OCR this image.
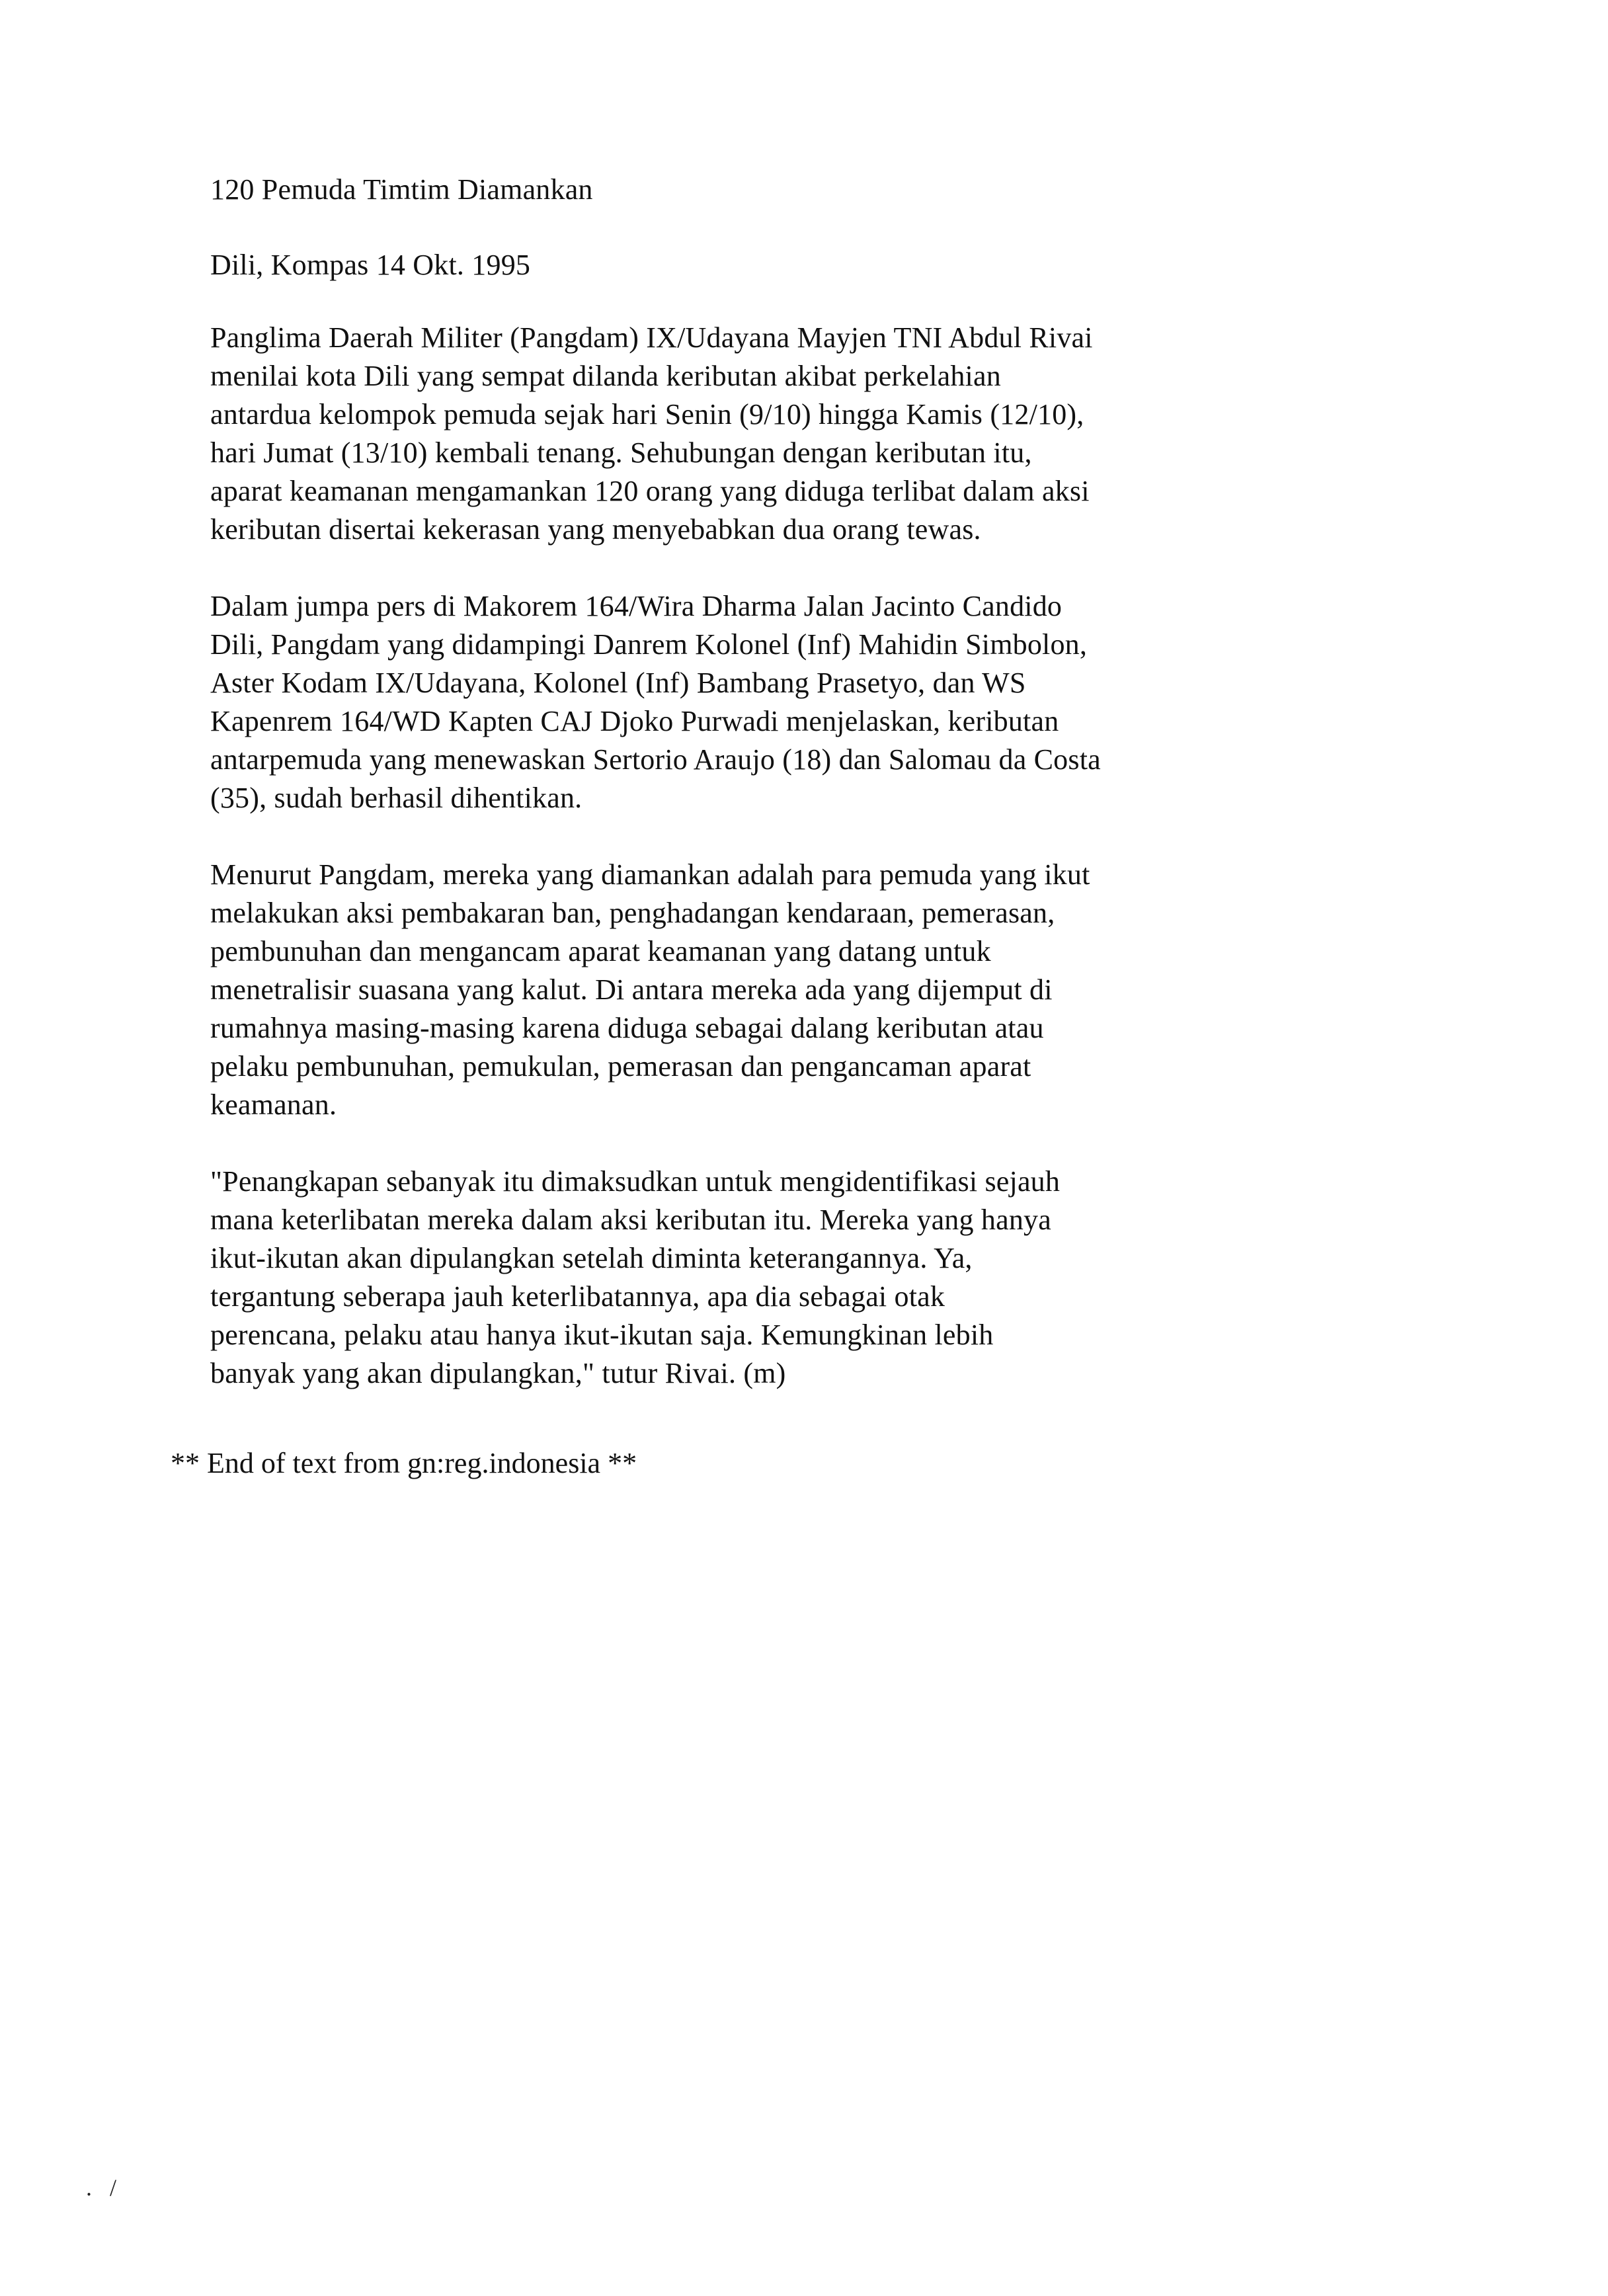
120 Pemuda Timtim Diamankan
Dili, Kompas 14 Okt. 1995
Panglima Daerah Militer (Pangdam) IX/Udayana Mayjen TNI Abdul Rivai
menilai kota Dili yang sempat dilanda keributan akibat perkelahian
antardua kelompok pemuda sejak hari Senin (9/10) hingga Kamis (12/10),
hari Jumat (13/10) kembali tenang. Sehubungan dengan keributan itu,
aparat keamanan mengamankan 120 orang yang diduga terlibat dalam aksi
keributan disertai kekerasan yang menyebabkan dua orang tewas.
Dalam jumpa pers di Makorem 164/Wira Dharma Jalan Jacinto Candido
Dili, Pangdam yang didampingi Danrem Kolonel (Inf) Mahidin Simbolon,
Aster Kodam IX/Udayana, Kolonel (Inf) Bambang Prasetyo, dan WS
Kapenrem 164/WD Kapten CAJ Djoko Purwadi menjelaskan, keributan
antarpemuda yang menewaskan Sertorio Araujo (18) dan Salomau da Costa
(35), sudah berhasil dihentikan.
Menurut Pangdam, mereka yang diamankan adalah para pemuda yang ikut
melakukan aksi pembakaran ban, penghadangan kendaraan, pemerasan,
pembunuhan dan mengancam aparat keamanan yang datang untuk
menetralisir suasana yang kalut. Di antara mereka ada yang dijemput di
rumahnya masing-masing karena diduga sebagai dalang keributan atau
pelaku pembunuhan, pemukulan, pemerasan dan pengancaman aparat
keamanan.
"Penangkapan sebanyak itu dimaksudkan untuk mengidentifikasi sejauh
mana keterlibatan mereka dalam aksi keributan itu. Mereka yang hanya
ikut-ikutan akan dipulangkan setelah diminta keterangannya. Ya,
tergantung seberapa jauh keterlibatannya, apa dia sebagai otak
perencana, pelaku atau hanya ikut-ikutan saja. Kemungkinan lebih
banyak yang akan dipulangkan," tutur Rivai. (m)
** End of text from gn:reg.indonesia **
. /
